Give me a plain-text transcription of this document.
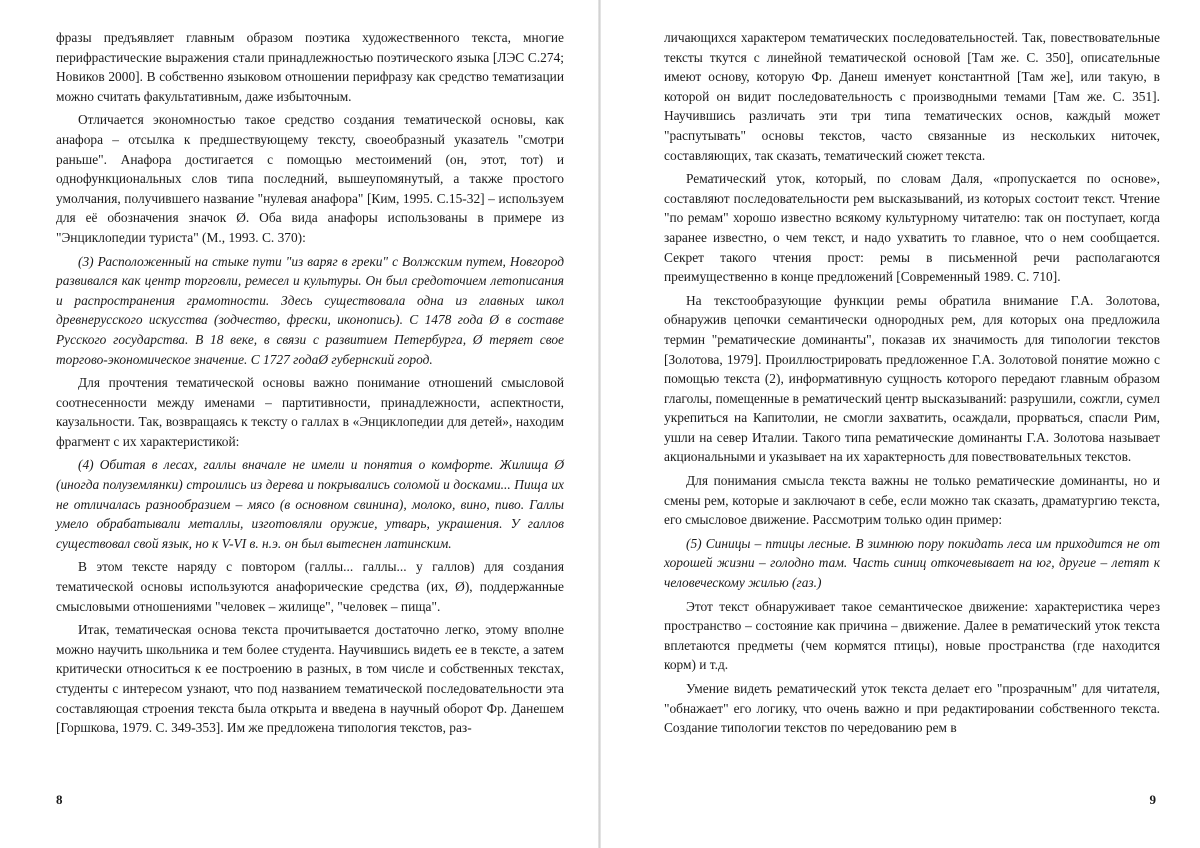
фразы предъявляет главным образом поэтика художественного текста, многие перифрастические выражения стали принадлежностью поэтического языка [ЛЭС С.274; Новиков 2000]. В собственно языковом отношении перифразу как средство тематизации можно считать факультативным, даже избыточным.

Отличается экономностью такое средство создания тематической основы, как анафора – отсылка к предшествующему тексту, своеобразный указатель "смотри раньше". Анафора достигается с помощью местоимений (он, этот, тот) и однофункциональных слов типа последний, вышеупомянутый, а также простого умолчания, получившего название "нулевая анафора" [Ким, 1995. С.15-32] – используем для её обозначения значок Ø. Оба вида анафоры использованы в примере из "Энциклопедии туриста" (М., 1993. С. 370):

(3) Расположенный на стыке пути "из варяг в греки" с Волжским путем, Новгород развивался как центр торговли, ремесел и культуры. Он был средоточием летописания и распространения грамотности. Здесь существовала одна из главных школ древнерусского искусства (зодчество, фрески, иконопись). С 1478 года Ø в составе Русского государства. В 18 веке, в связи с развитием Петербурга, Ø теряет свое торгово-экономическое значение. С 1727 годаØ губернский город.

Для прочтения тематической основы важно понимание отношений смысловой соотнесенности между именами – партитивности, принадлежности, аспектности, каузальности. Так, возвращаясь к тексту о галлах в «Энциклопедии для детей», находим фрагмент с их характеристикой:

(4) Обитая в лесах, галлы вначале не имели и понятия о комфорте. Жилища Ø (иногда полуземлянки) строились из дерева и покрывались соломой и досками... Пища их не отличалась разнообразием – мясо (в основном свинина), молоко, вино, пиво. Галлы умело обрабатывали металлы, изготовляли оружие, утварь, украшения. У галлов существовал свой язык, но к V-VI в. н.э. он был вытеснен латинским.

В этом тексте наряду с повтором (галлы... галлы... у галлов) для создания тематической основы используются анафорические средства (их, Ø), поддержанные смысловыми отношениями "человек – жилище", "человек – пища".

Итак, тематическая основа текста прочитывается достаточно легко, этому вполне можно научить школьника и тем более студента. Научившись видеть ее в тексте, а затем критически относиться к ее построению в разных, в том числе и собственных текстах, студенты с интересом узнают, что под названием тематической последовательности эта составляющая строения текста была открыта и введена в научный оборот Фр. Данешем [Горшкова, 1979. С. 349-353]. Им же предложена типология текстов, раз-

8

личающихся характером тематических последовательностей. Так, повествовательные тексты ткутся с линейной тематической основой [Там же. С. 350], описательные имеют основу, которую Фр. Данеш именует константной [Там же], или такую, в которой он видит последовательность с производными темами [Там же. С. 351]. Научившись различать эти три типа тематических основ, каждый может "распутывать" основы текстов, часто связанные из нескольких ниточек, составляющих, так сказать, тематический сюжет текста.

Рематический уток, который, по словам Даля, «пропускается по основе», составляют последовательности рем высказываний, из которых состоит текст. Чтение "по ремам" хорошо известно всякому культурному читателю: так он поступает, когда заранее известно, о чем текст, и надо ухватить то главное, что о нем сообщается. Секрет такого чтения прост: ремы в письменной речи располагаются преимущественно в конце предложений [Современный 1989. С. 710].

На текстообразующие функции ремы обратила внимание Г.А. Золотова, обнаружив цепочки семантически однородных рем, для которых она предложила термин "рематические доминанты", показав их значимость для типологии текстов [Золотова, 1979]. Проиллюстрировать предложенное Г.А. Золотовой понятие можно с помощью текста (2), информативную сущность которого передают главным образом глаголы, помещенные в рематический центр высказываний: разрушили, сожгли, сумел укрепиться на Капитолии, не смогли захватить, осаждали, прорваться, спасли Рим, ушли на север Италии. Такого типа рематические доминанты Г.А. Золотова называет акциональными и указывает на их характерность для повествовательных текстов.

Для понимания смысла текста важны не только рематические доминанты, но и смены рем, которые и заключают в себе, если можно так сказать, драматургию текста, его смысловое движение. Рассмотрим только один пример:

(5) Синицы – птицы лесные. В зимнюю пору покидать леса им приходится не от хорошей жизни – голодно там. Часть синиц откочевывает на юг, другие – летят к человеческому жилью (газ.)

Этот текст обнаруживает такое семантическое движение: характеристика через пространство – состояние как причина – движение. Далее в рематический уток текста вплетаются предметы (чем кормятся птицы), новые пространства (где находится корм) и т.д.

Умение видеть рематический уток текста делает его "прозрачным" для читателя, "обнажает" его логику, что очень важно и при редактировании собственного текста. Создание типологии текстов по чередованию рем в

9
